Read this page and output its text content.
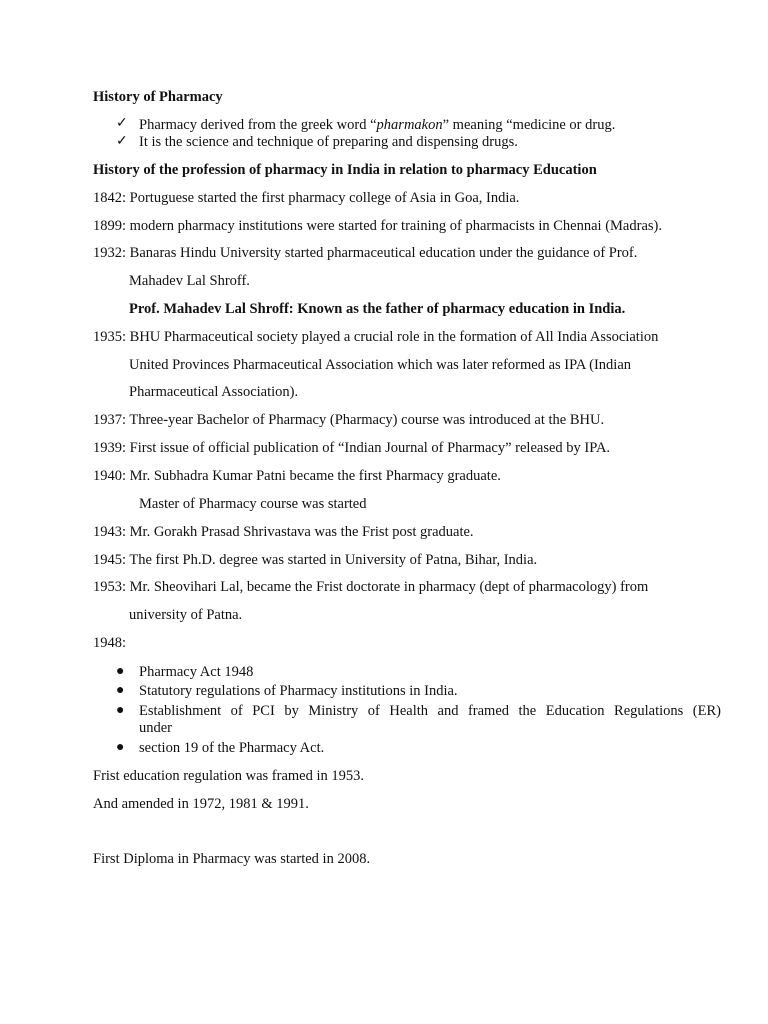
History of Pharmacy
✓ Pharmacy derived from the greek word “pharmakon” meaning “medicine or drug.
✓ It is the science and technique of preparing and dispensing drugs.
History of the profession of pharmacy in India in relation to pharmacy Education
1842: Portuguese started the first pharmacy college of Asia in Goa, India.
1899: modern pharmacy institutions were started for training of pharmacists in Chennai (Madras).
1932: Banaras Hindu University started pharmaceutical education under the guidance of Prof.
Mahadev Lal Shroff.
Prof. Mahadev Lal Shroff: Known as the father of pharmacy education in India.
1935: BHU Pharmaceutical society played a crucial role in the formation of All India Association
United Provinces Pharmaceutical Association which was later reformed as IPA (Indian
Pharmaceutical Association).
1937: Three-year Bachelor of Pharmacy (Pharmacy) course was introduced at the BHU.
1939: First issue of official publication of “Indian Journal of Pharmacy” released by IPA.
1940: Mr. Subhadra Kumar Patni became the first Pharmacy graduate.
Master of Pharmacy course was started
1943: Mr. Gorakh Prasad Shrivastava was the Frist post graduate.
1945: The first Ph.D. degree was started in University of Patna, Bihar, India.
1953: Mr. Sheovihari Lal, became the Frist doctorate in pharmacy (dept of pharmacology) from
university of Patna.
1948:
● Pharmacy Act 1948
● Statutory regulations of Pharmacy institutions in India.
● Establishment of PCI by Ministry of Health and framed the Education Regulations (ER)
under
● section 19 of the Pharmacy Act.
Frist education regulation was framed in 1953.
And amended in 1972, 1981 & 1991.
First Diploma in Pharmacy was started in 2008.
